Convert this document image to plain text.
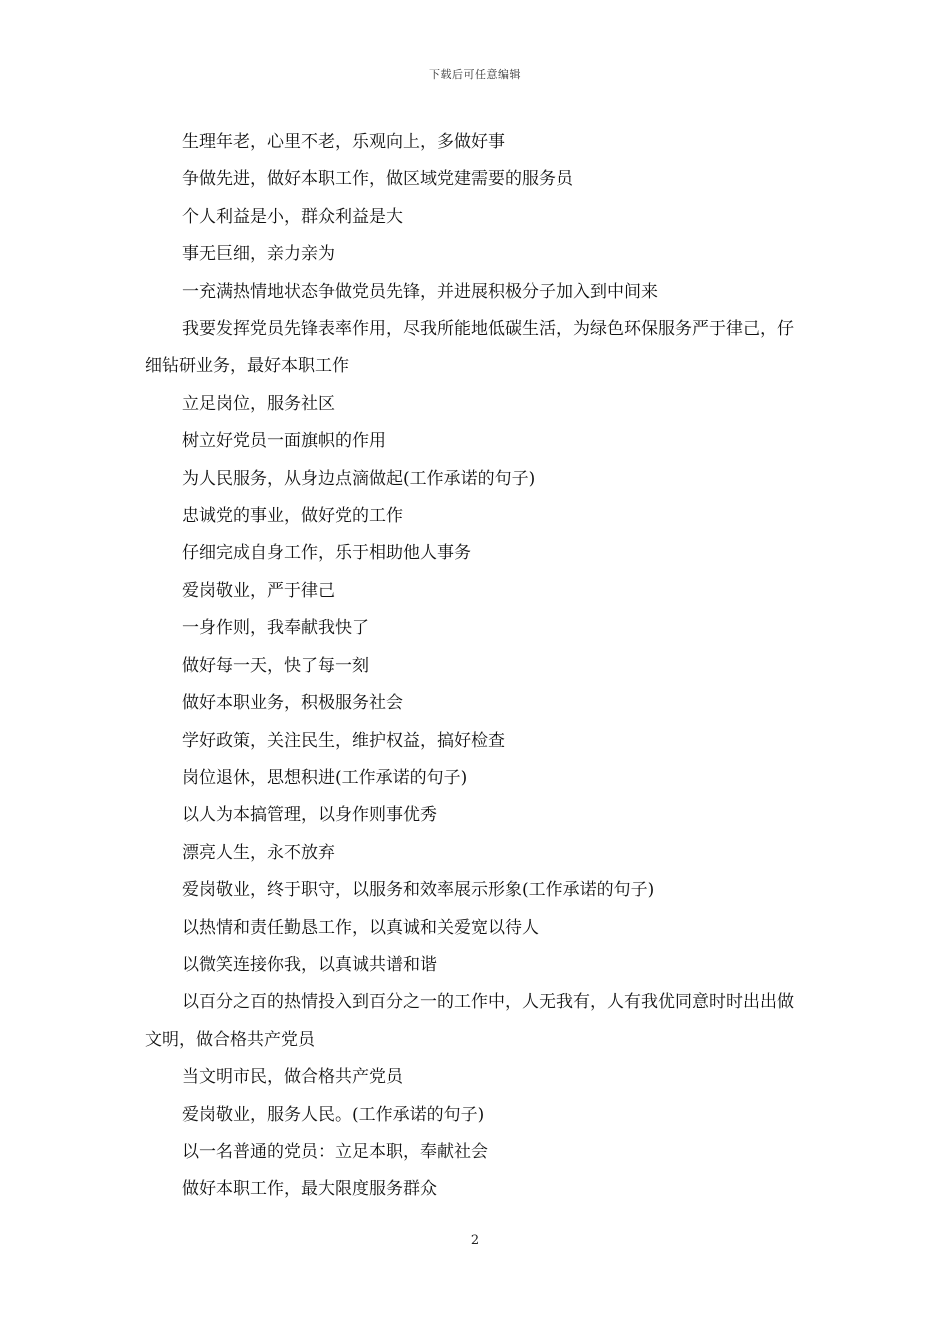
下载后可任意编辑

生理年老，心里不老，乐观向上，多做好事

争做先进，做好本职工作，做区域党建需要的服务员

个人利益是小，群众利益是大

事无巨细，亲力亲为

一充满热情地状态争做党员先锋，并进展积极分子加入到中间来

我要发挥党员先锋表率作用，尽我所能地低碳生活，为绿色环保服务严于律己，仔细钻研业务，最好本职工作

立足岗位，服务社区

树立好党员一面旗帜的作用

为人民服务，从身边点滴做起(工作承诺的句子)

忠诚党的事业，做好党的工作

仔细完成自身工作，乐于相助他人事务

爱岗敬业，严于律己

一身作则，我奉献我快了

做好每一天，快了每一刻

做好本职业务，积极服务社会

学好政策，关注民生，维护权益，搞好检查

岗位退休，思想积进(工作承诺的句子)

以人为本搞管理，以身作则事优秀

漂亮人生，永不放弃

爱岗敬业，终于职守，以服务和效率展示形象(工作承诺的句子)

以热情和责任勤恳工作，以真诚和关爱宽以待人

以微笑连接你我，以真诚共谱和谐

以百分之百的热情投入到百分之一的工作中，人无我有，人有我优同意时时出出做文明，做合格共产党员

当文明市民，做合格共产党员

爱岗敬业，服务人民。(工作承诺的句子)

以一名普通的党员：立足本职，奉献社会

做好本职工作，最大限度服务群众

2
